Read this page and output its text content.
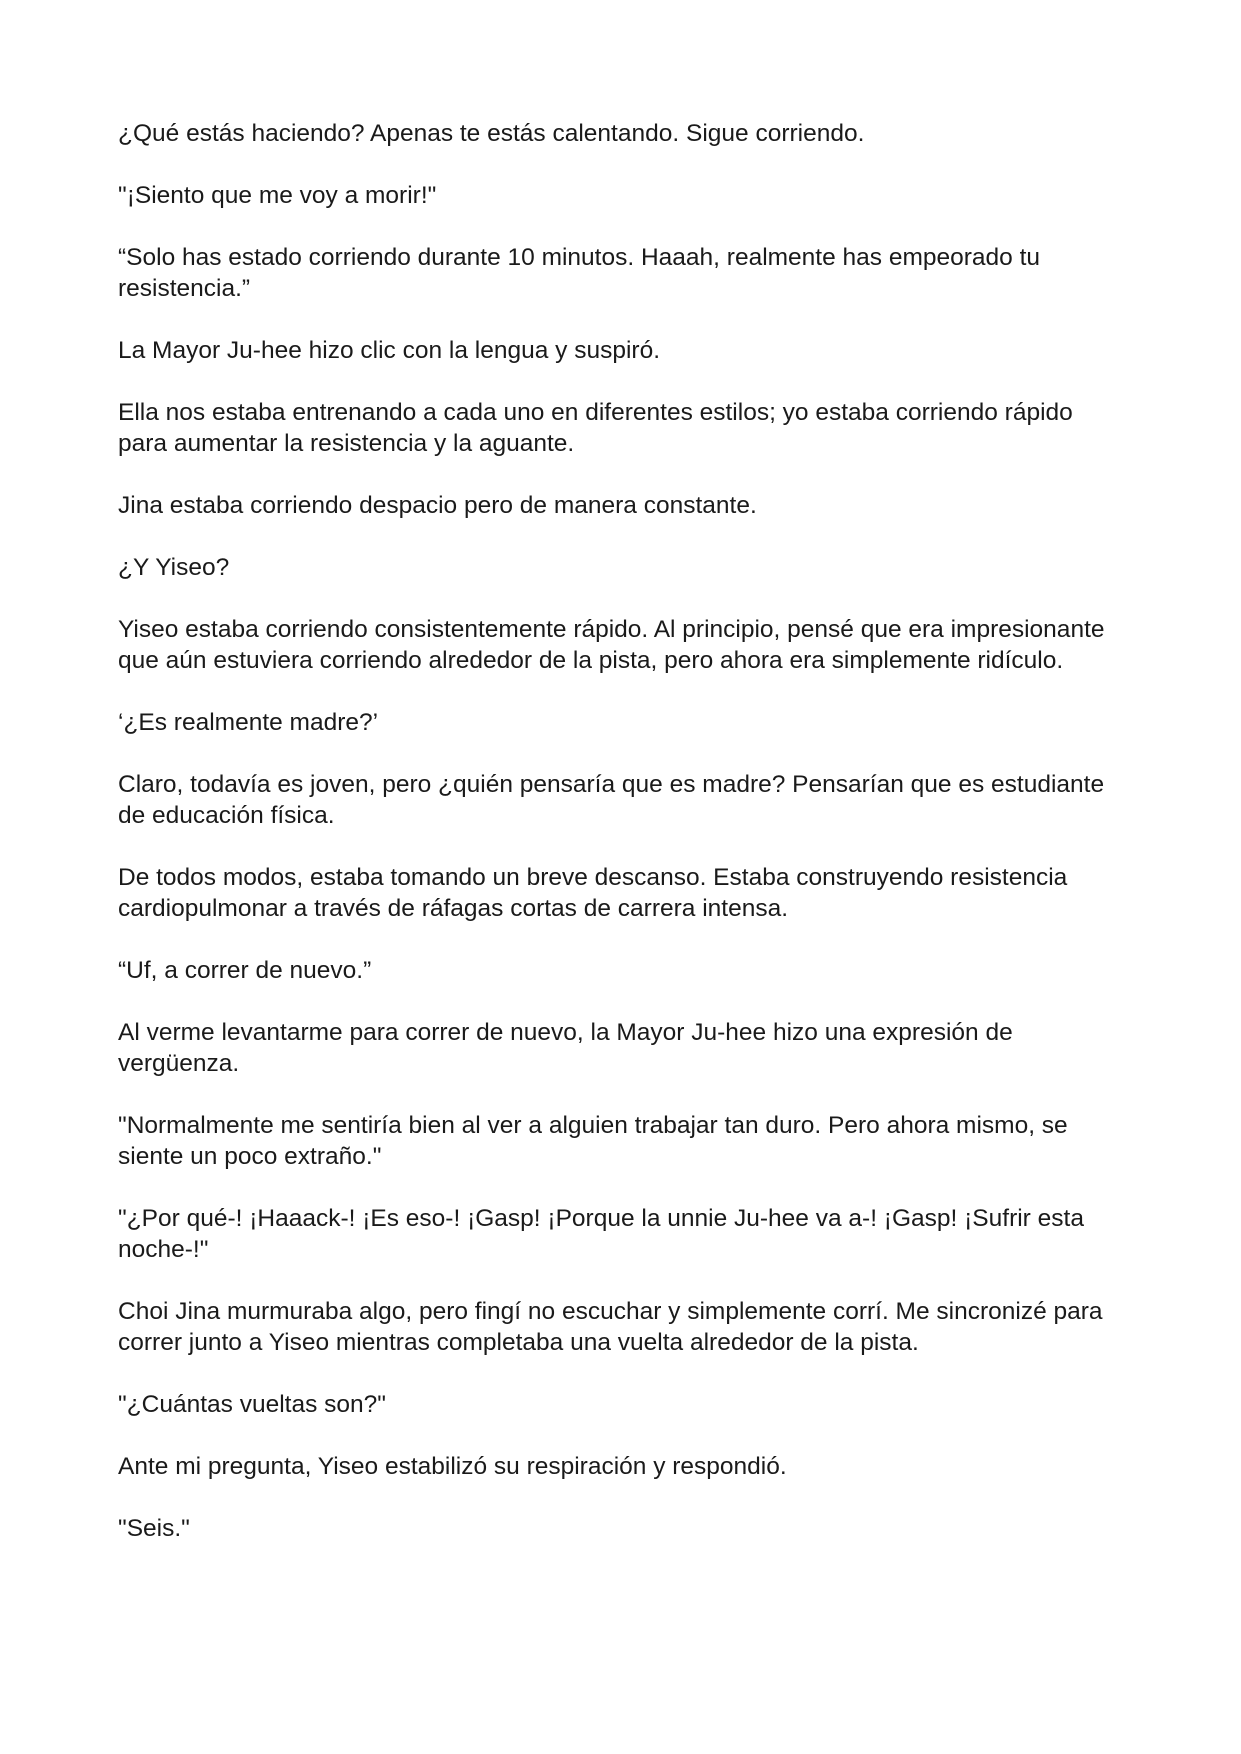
¿Qué estás haciendo? Apenas te estás calentando. Sigue corriendo.

"¡Siento que me voy a morir!"

“Solo has estado corriendo durante 10 minutos. Haaah, realmente has empeorado tu resistencia.”

La Mayor Ju-hee hizo clic con la lengua y suspiró.

Ella nos estaba entrenando a cada uno en diferentes estilos; yo estaba corriendo rápido para aumentar la resistencia y la aguante.

Jina estaba corriendo despacio pero de manera constante.

¿Y Yiseo?

Yiseo estaba corriendo consistentemente rápido. Al principio, pensé que era impresionante que aún estuviera corriendo alrededor de la pista, pero ahora era simplemente ridículo.

‘¿Es realmente madre?’

Claro, todavía es joven, pero ¿quién pensaría que es madre? Pensarían que es estudiante de educación física.

De todos modos, estaba tomando un breve descanso. Estaba construyendo resistencia cardiopulmonar a través de ráfagas cortas de carrera intensa.

“Uf, a correr de nuevo.”

Al verme levantarme para correr de nuevo, la Mayor Ju-hee hizo una expresión de vergüenza.

"Normalmente me sentiría bien al ver a alguien trabajar tan duro. Pero ahora mismo, se siente un poco extraño."

"¿Por qué-! ¡Haaack-! ¡Es eso-! ¡Gasp! ¡Porque la unnie Ju-hee va a-! ¡Gasp! ¡Sufrir esta noche-!"

Choi Jina murmuraba algo, pero fingí no escuchar y simplemente corrí. Me sincronizé para correr junto a Yiseo mientras completaba una vuelta alrededor de la pista.

"¿Cuántas vueltas son?"

Ante mi pregunta, Yiseo estabilizó su respiración y respondió.

"Seis."
